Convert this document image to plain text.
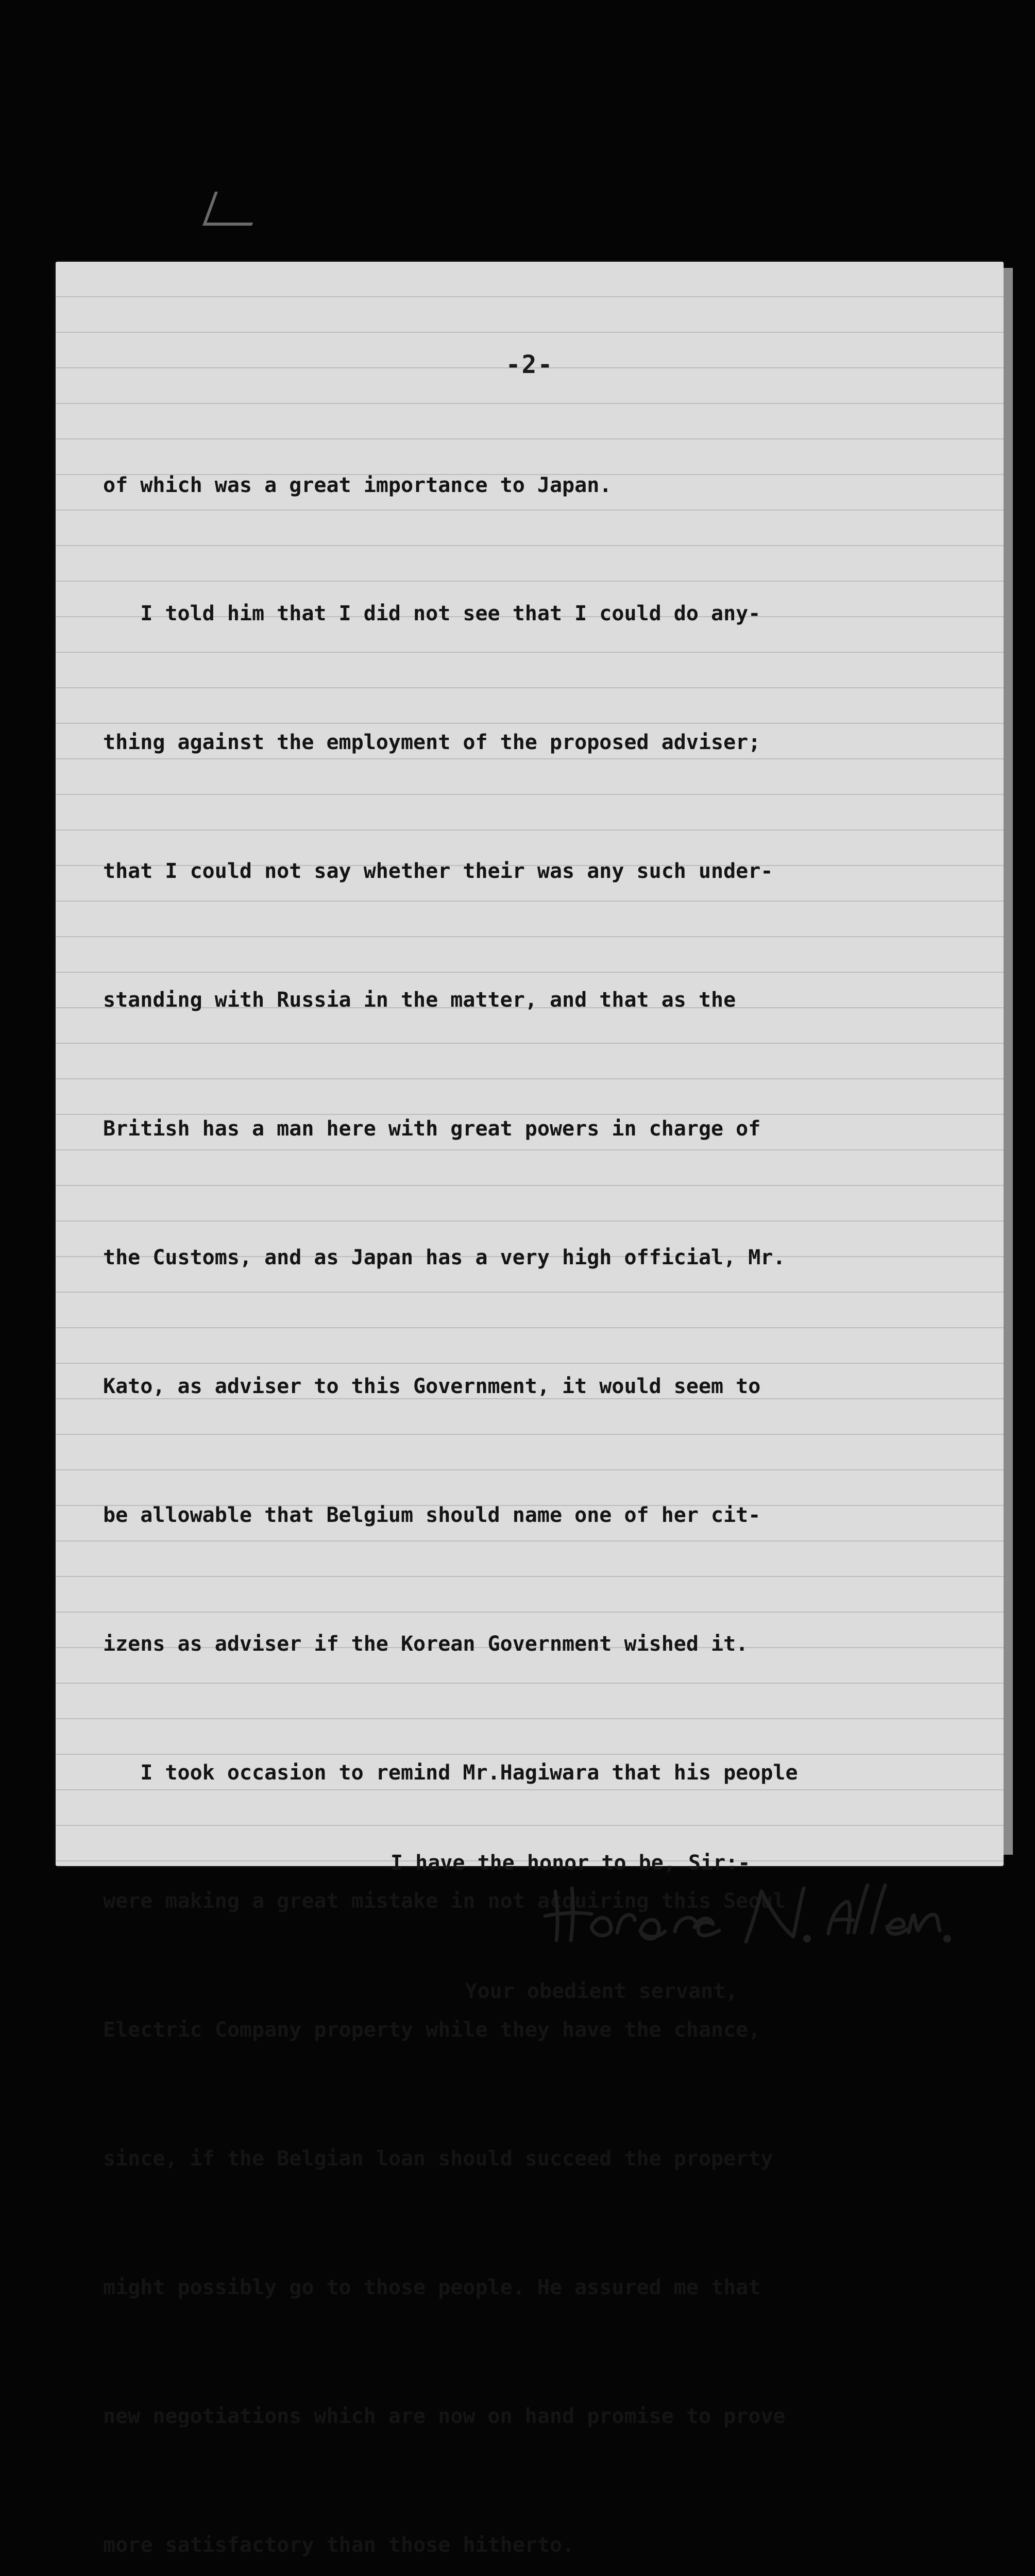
-2-

of which was a great importance to Japan.

I told him that I did not see that I could do any-

thing against the employment of the proposed adviser;

that I could not say whether their was any such under-

standing with Russia in the matter, and that as the

British has a man here with great powers in charge of

the Customs, and as Japan has a very high official, Mr.

Kato, as adviser to this Government, it would seem to

be allowable that Belgium should name one of her cit-

izens as adviser if the Korean Government wished it.

I took occasion to remind Mr.Hagiwara that his people

were making a great mistake in not acquiring this Seoul

Electric Company property while they have the chance,

since, if the Belgian loan should succeed the property

might possibly go to those people. He assured me that

new negotiations which are now on hand promise to prove

more satisfactory than those hitherto.

I have the honor to be, Sir:-

Your obedient servant,
